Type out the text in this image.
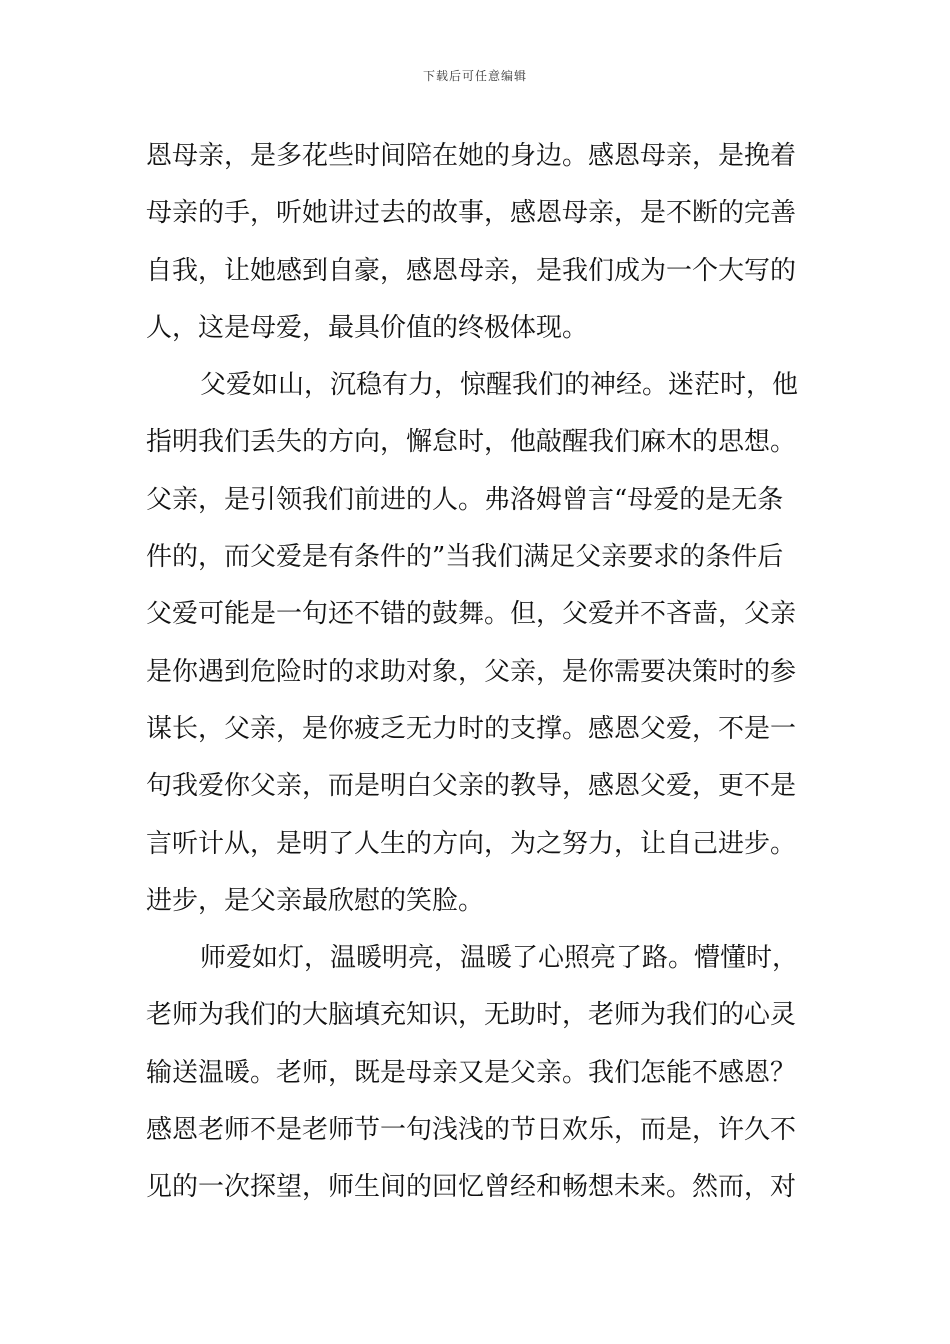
下载后可任意编辑
恩母亲，是多花些时间陪在她的身边。感恩母亲，是挽着
母亲的手，听她讲过去的故事，感恩母亲，是不断的完善
自我，让她感到自豪，感恩母亲，是我们成为一个大写的
人，这是母爱，最具价值的终极体现。
父爱如山，沉稳有力，惊醒我们的神经。迷茫时，他
指明我们丢失的方向，懈怠时，他敲醒我们麻木的思想。
父亲，是引领我们前进的人。弗洛姆曾言“母爱的是无条
件的，而父爱是有条件的”当我们满足父亲要求的条件后
父爱可能是一句还不错的鼓舞。但，父爱并不吝啬，父亲
是你遇到危险时的求助对象，父亲，是你需要决策时的参
谋长，父亲，是你疲乏无力时的支撑。感恩父爱，不是一
句我爱你父亲，而是明白父亲的教导，感恩父爱，更不是
言听计从，是明了人生的方向，为之努力，让自己进步。
进步，是父亲最欣慰的笑脸。
师爱如灯，温暖明亮，温暖了心照亮了路。懵懂时，
老师为我们的大脑填充知识，无助时，老师为我们的心灵
输送温暖。老师，既是母亲又是父亲。我们怎能不感恩？
感恩老师不是老师节一句浅浅的节日欢乐，而是，许久不
见的一次探望，师生间的回忆曾经和畅想未来。然而，对
